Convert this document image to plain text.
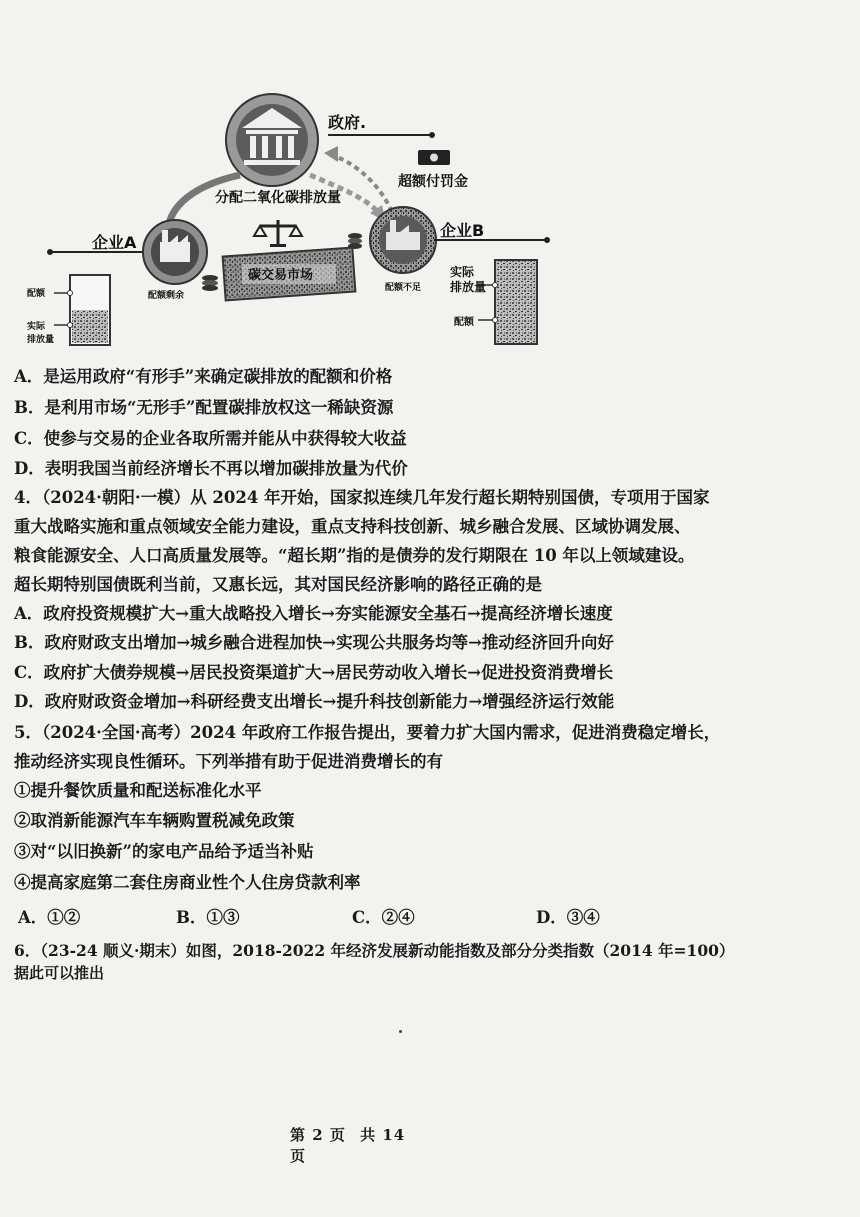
政府.
超额付罚金
分配二氧化碳排放量
企业A
配额剩余
碳交易市场
配额不足
企业B
配额
实际
排放量
实际
排放量
配额
A．是运用政府“有形手”来确定碳排放的配额和价格
B．是利用市场“无形手”配置碳排放权这一稀缺资源
C．使参与交易的企业各取所需并能从中获得较大收益
D．表明我国当前经济增长不再以增加碳排放量为代价
4．（2024·朝阳·一模）从 2024 年开始，国家拟连续几年发行超长期特别国债，专项用于国家
重大战略实施和重点领域安全能力建设，重点支持科技创新、城乡融合发展、区域协调发展、
粮食能源安全、人口高质量发展等。“超长期”指的是债券的发行期限在 10 年以上领域建设。
超长期特别国债既利当前，又惠长远，其对国民经济影响的路径正确的是
A．政府投资规模扩大→重大战略投入增长→夯实能源安全基石→提高经济增长速度
B．政府财政支出增加→城乡融合进程加快→实现公共服务均等→推动经济回升向好
C．政府扩大债券规模→居民投资渠道扩大→居民劳动收入增长→促进投资消费增长
D．政府财政资金增加→科研经费支出增长→提升科技创新能力→增强经济运行效能
5．（2024·全国·高考）2024 年政府工作报告提出，要着力扩大国内需求，促进消费稳定增长，
推动经济实现良性循环。下列举措有助于促进消费增长的有
①提升餐饮质量和配送标准化水平
②取消新能源汽车车辆购置税减免政策
③对“以旧换新”的家电产品给予适当补贴
④提高家庭第二套住房商业性个人住房贷款利率
A．①②	B．①③	C．②④	D．③④
6．（23-24 顺义·期末）如图，2018-2022 年经济发展新动能指数及部分分类指数（2014 年=100）
据此可以推出
第 2 页 共 14 页
